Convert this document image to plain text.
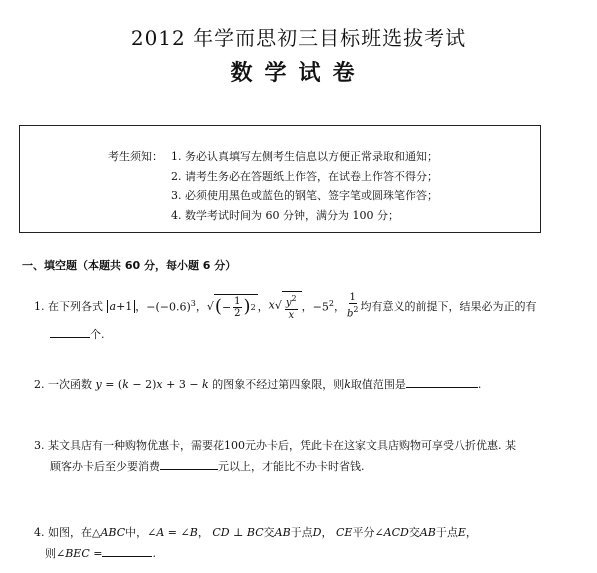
2012 年学而思初三目标班选拔考试
数学试卷
考生须知： 1. 务必认真填写左侧考生信息以方便正常录取和通知；
2. 请考生务必在答题纸上作答，在试卷上作答不得分；
3. 必须使用黑色或蓝色的钢笔、签字笔或圆珠笔作答；
4. 数学考试时间为 60 分钟，满分为 100 分；
一、填空题（本题共 60 分，每小题 6 分）
1.
在下列各式
a+1 ， $-(-0.6)^3$ ， √ ( − $\frac{1}{2}$ ) 2 ， $x√ \frac{y^2}{x}$ ， $-5^2$ ， $\frac{1}{b^2}$ 均有意义的前提下，结果必为正的有
个.
2. 一次函数 y = (k − 2)x + 3 − k 的图象不经过第四象限，则k取值范围是	.
3. 某文具店有一种购物优惠卡，需要花100元办卡后，凭此卡在这家文具店购物可享受八折优惠. 某
顾客办卡后至少要消费	元以上，才能比不办卡时省钱.
4. 如图，在△ABC中，∠A = ∠B， CD ⊥ BC交AB于点D， CE平分∠ACD交AB于点E，
则∠BEC =	.
